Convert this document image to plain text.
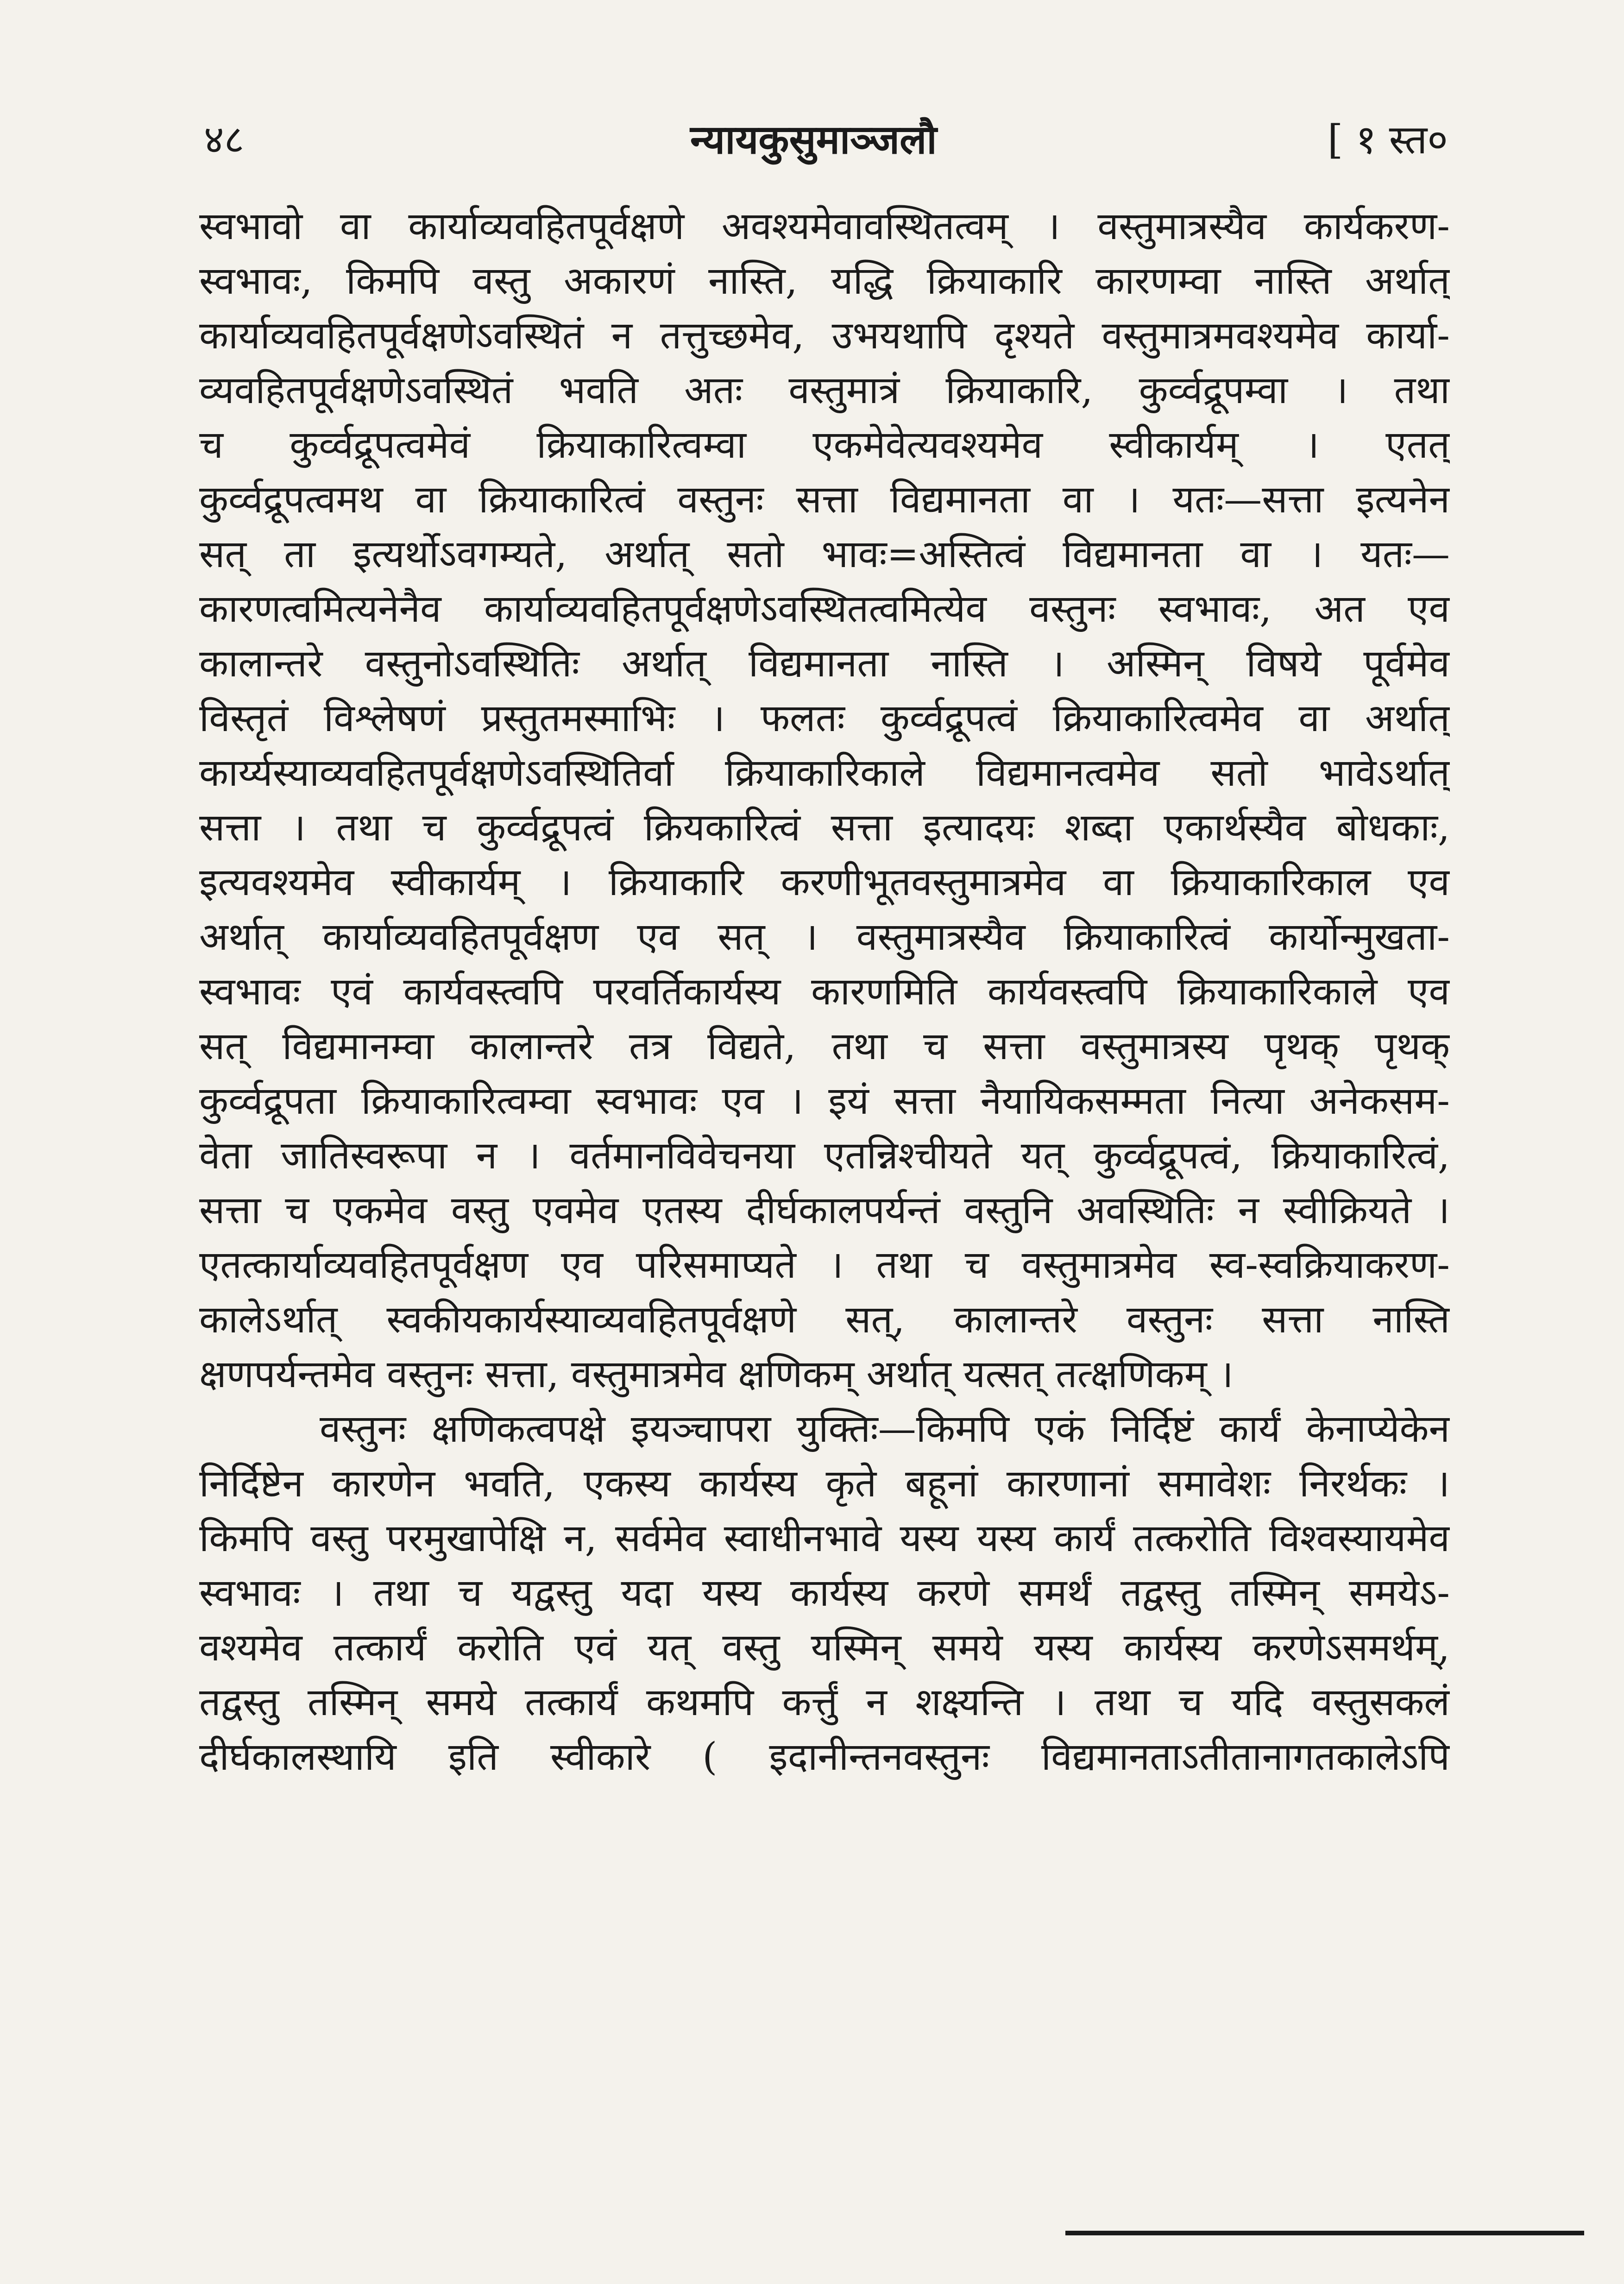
४८	न्यायकुसुमाञ्जलौ	[ १ स्त०
स्वभावो वा कार्याव्यवहितपूर्वक्षणे अवश्यमेवावस्थितत्वम् । वस्तुमात्रस्यैव कार्यकरण-
स्वभावः, किमपि वस्तु अकारणं नास्ति, यद्धि क्रियाकारि कारणम्वा नास्ति अर्थात्
कार्याव्यवहितपूर्वक्षणेऽवस्थितं न तत्तुच्छमेव, उभयथापि दृश्यते वस्तुमात्रमवश्यमेव कार्या-
व्यवहितपूर्वक्षणेऽवस्थितं भवति अतः वस्तुमात्रं क्रियाकारि, कुर्व्वद्रूपम्वा । तथा
च कुर्व्वद्रूपत्वमेवं क्रियाकारित्वम्वा एकमेवेत्यवश्यमेव स्वीकार्यम् । एतत्
कुर्व्वद्रूपत्वमथ वा क्रियाकारित्वं वस्तुनः सत्ता विद्यमानता वा । यतः—सत्ता इत्यनेन
सत् ता इत्यर्थोऽवगम्यते, अर्थात् सतो भावः=अस्तित्वं विद्यमानता वा । यतः—
कारणत्वमित्यनेनैव कार्याव्यवहितपूर्वक्षणेऽवस्थितत्वमित्येव वस्तुनः स्वभावः, अत एव
कालान्तरे वस्तुनोऽवस्थितिः अर्थात् विद्यमानता नास्ति । अस्मिन् विषये पूर्वमेव
विस्तृतं विश्लेषणं प्रस्तुतमस्माभिः । फलतः कुर्व्वद्रूपत्वं क्रियाकारित्वमेव वा अर्थात्
कार्य्यस्याव्यवहितपूर्वक्षणेऽवस्थितिर्वा क्रियाकारिकाले विद्यमानत्वमेव सतो भावेऽर्थात्
सत्ता । तथा च कुर्व्वद्रूपत्वं क्रियकारित्वं सत्ता इत्यादयः शब्दा एकार्थस्यैव बोधकाः,
इत्यवश्यमेव स्वीकार्यम् । क्रियाकारि करणीभूतवस्तुमात्रमेव वा क्रियाकारिकाल एव
अर्थात् कार्याव्यवहितपूर्वक्षण एव सत् । वस्तुमात्रस्यैव क्रियाकारित्वं कार्योन्मुखता-
स्वभावः एवं कार्यवस्त्वपि परवर्तिकार्यस्य कारणमिति कार्यवस्त्वपि क्रियाकारिकाले एव
सत् विद्यमानम्वा कालान्तरे तत्र विद्यते, तथा च सत्ता वस्तुमात्रस्य पृथक् पृथक्
कुर्व्वद्रूपता क्रियाकारित्वम्वा स्वभावः एव । इयं सत्ता नैयायिकसम्मता नित्या अनेकसम-
वेता जातिस्वरूपा न । वर्तमानविवेचनया एतन्निश्चीयते यत् कुर्व्वद्रूपत्वं, क्रियाकारित्वं,
सत्ता च एकमेव वस्तु एवमेव एतस्य दीर्घकालपर्यन्तं वस्तुनि अवस्थितिः न स्वीक्रियते ।
एतत्कार्याव्यवहितपूर्वक्षण एव परिसमाप्यते । तथा च वस्तुमात्रमेव स्व-स्वक्रियाकरण-
कालेऽर्थात् स्वकीयकार्यस्याव्यवहितपूर्वक्षणे सत्, कालान्तरे वस्तुनः सत्ता नास्ति
क्षणपर्यन्तमेव वस्तुनः सत्ता, वस्तुमात्रमेव क्षणिकम् अर्थात् यत्सत् तत्क्षणिकम् ।
वस्तुनः क्षणिकत्वपक्षे इयञ्चापरा युक्तिः—किमपि एकं निर्दिष्टं कार्यं केनाप्येकेन
निर्दिष्टेन कारणेन भवति, एकस्य कार्यस्य कृते बहूनां कारणानां समावेशः निरर्थकः ।
किमपि वस्तु परमुखापेक्षि न, सर्वमेव स्वाधीनभावे यस्य यस्य कार्यं तत्करोति विश्वस्यायमेव
स्वभावः । तथा च यद्वस्तु यदा यस्य कार्यस्य करणे समर्थं तद्वस्तु तस्मिन् समयेऽ-
वश्यमेव तत्कार्यं करोति एवं यत् वस्तु यस्मिन् समये यस्य कार्यस्य करणेऽसमर्थम्,
तद्वस्तु तस्मिन् समये तत्कार्यं कथमपि कर्त्तुं न शक्ष्यन्ति । तथा च यदि वस्तुसकलं
दीर्घकालस्थायि इति स्वीकारे ( इदानीन्तनवस्तुनः विद्यमानताऽतीतानागतकालेऽपि
